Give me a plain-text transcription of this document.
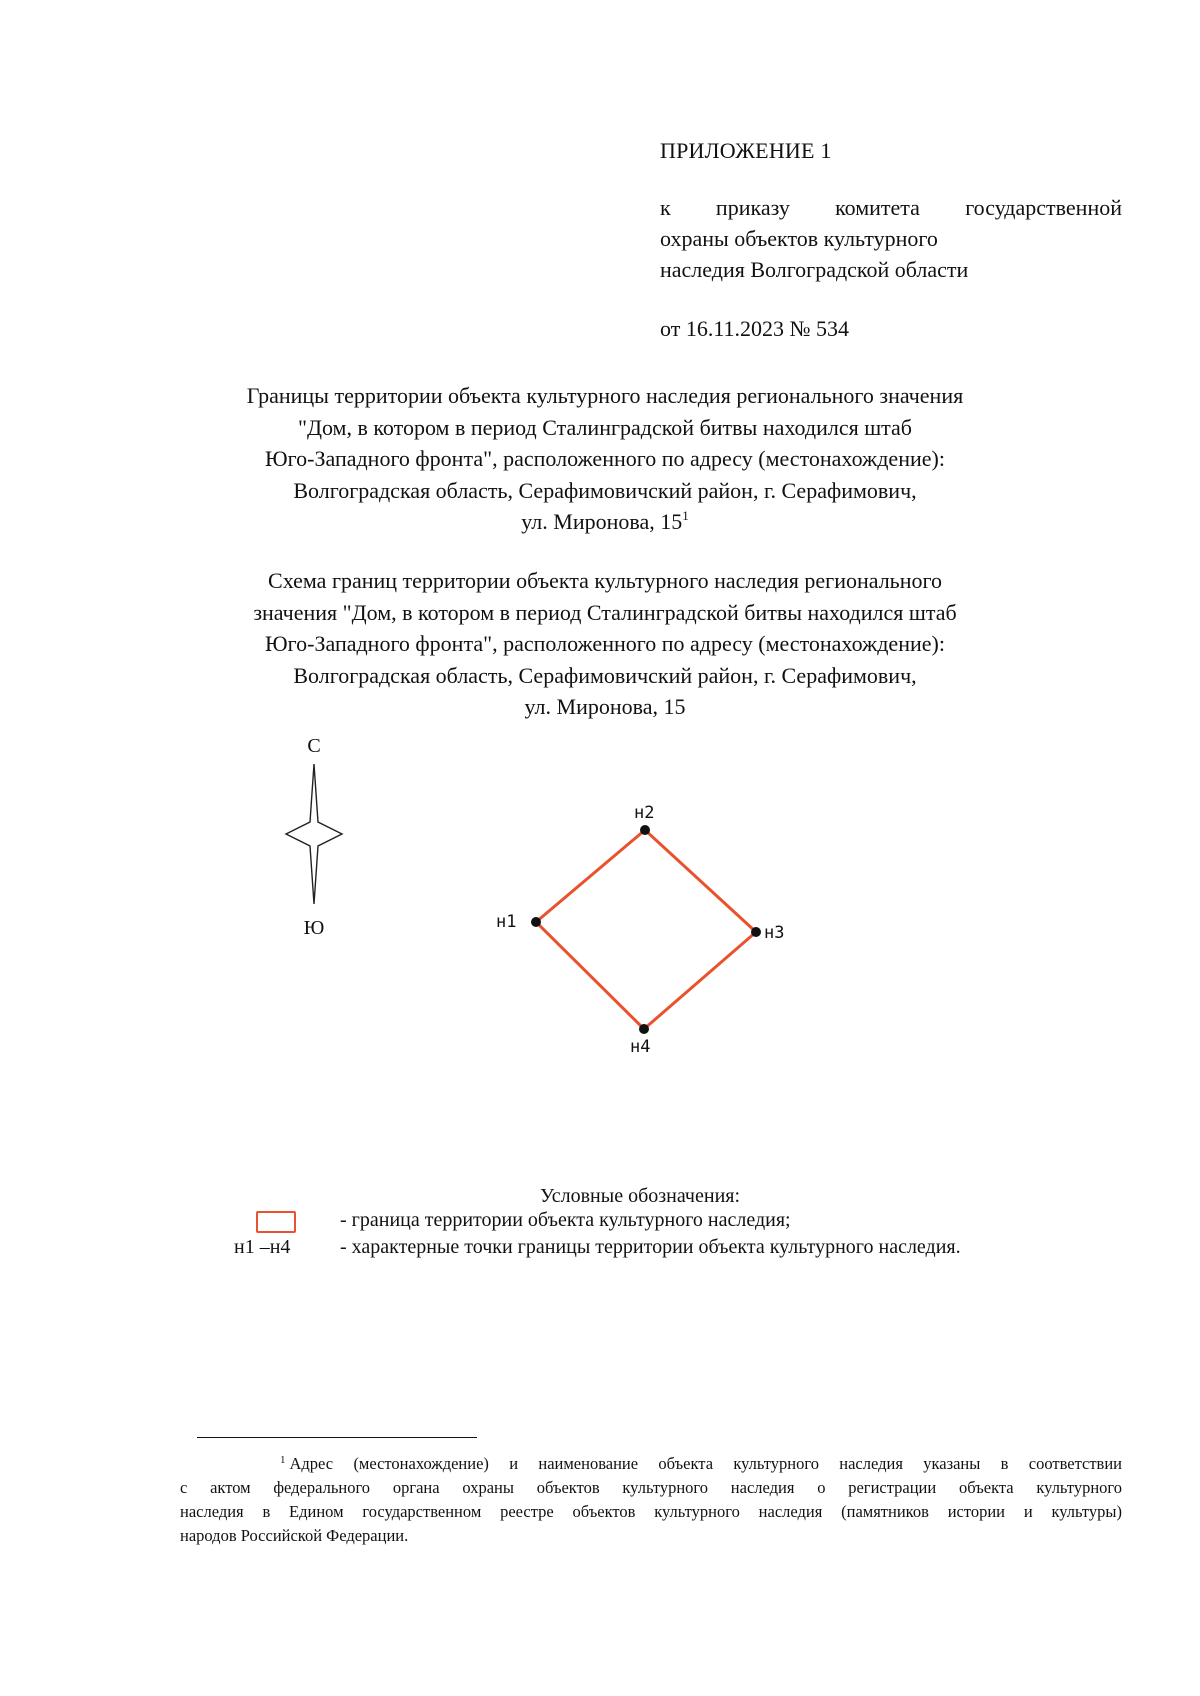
ПРИЛОЖЕНИЕ 1
к приказу комитета государственной
охраны объектов культурного
наследия Волгоградской области
от 16.11.2023 № 534
Границы территории объекта культурного наследия регионального значения
"Дом, в котором в период Сталинградской битвы находился штаб
Юго-Западного фронта", расположенного по адресу (местонахождение):
Волгоградская область, Серафимовичский район, г. Серафимович,
ул. Миронова, $15^1$
Схема границ территории объекта культурного наследия регионального
значения "Дом, в котором в период Сталинградской битвы находился штаб
Юго-Западного фронта", расположенного по адресу (местонахождение):
Волгоградская область, Серафимовичский район, г. Серафимович,
ул. Миронова, 15
С
Ю	н1
н2
н3
н4
Условные обозначения:
- граница территории объекта культурного наследия;
н1 –н4 - характерные точки границы территории объекта культурного наследия.
$^1$ Адрес (местонахождение) и наименование объекта культурного наследия указаны в соответствии
с актом федерального органа охраны объектов культурного наследия о регистрации объекта культурного
наследия в Едином государственном реестре объектов культурного наследия (памятников истории и культуры)
народов Российской Федерации.
